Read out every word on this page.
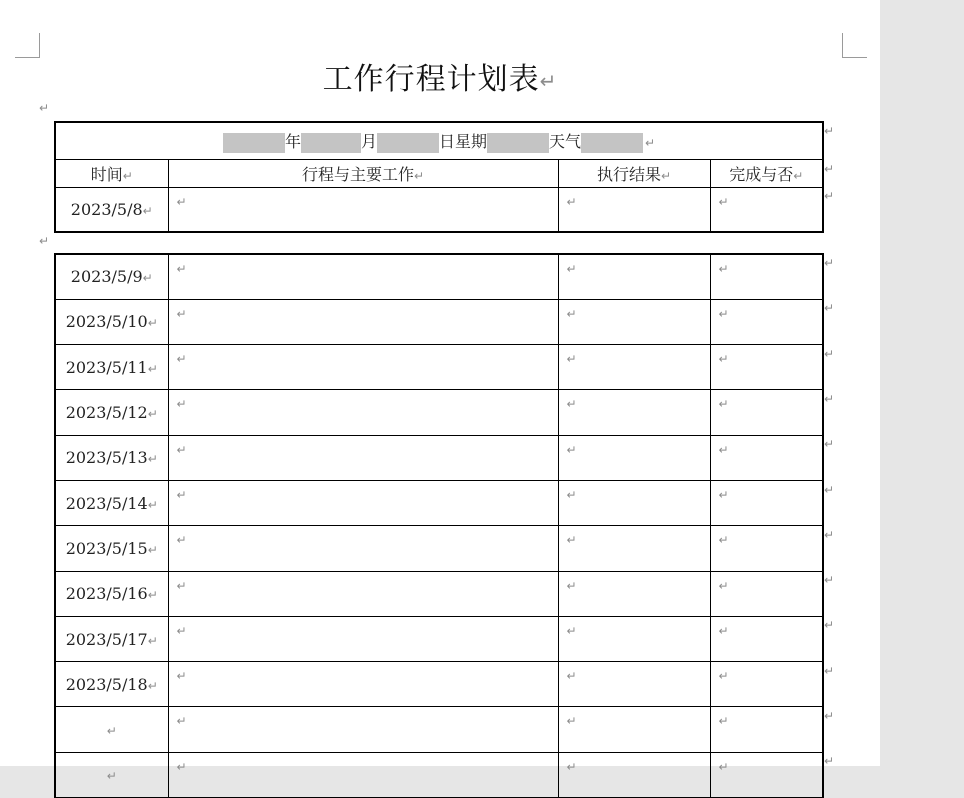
工作行程计划表↵
↵
年 月 日星期 天气 ↵			
时间↵	行程与主要工作↵	执行结果↵	完成与否↵
2023/5/8↵	↵	↵	↵
↵
↵
↵
↵
2023/5/9↵	↵	↵	↵
2023/5/10↵	↵	↵	↵
2023/5/11↵	↵	↵	↵
2023/5/12↵	↵	↵	↵
2023/5/13↵	↵	↵	↵
2023/5/14↵	↵	↵	↵
2023/5/15↵	↵	↵	↵
2023/5/16↵	↵	↵	↵
2023/5/17↵	↵	↵	↵
2023/5/18↵	↵	↵	↵
↵	↵	↵	↵
↵	↵	↵	↵
↵
↵
↵
↵
↵
↵
↵
↵
↵
↵
↵
↵
